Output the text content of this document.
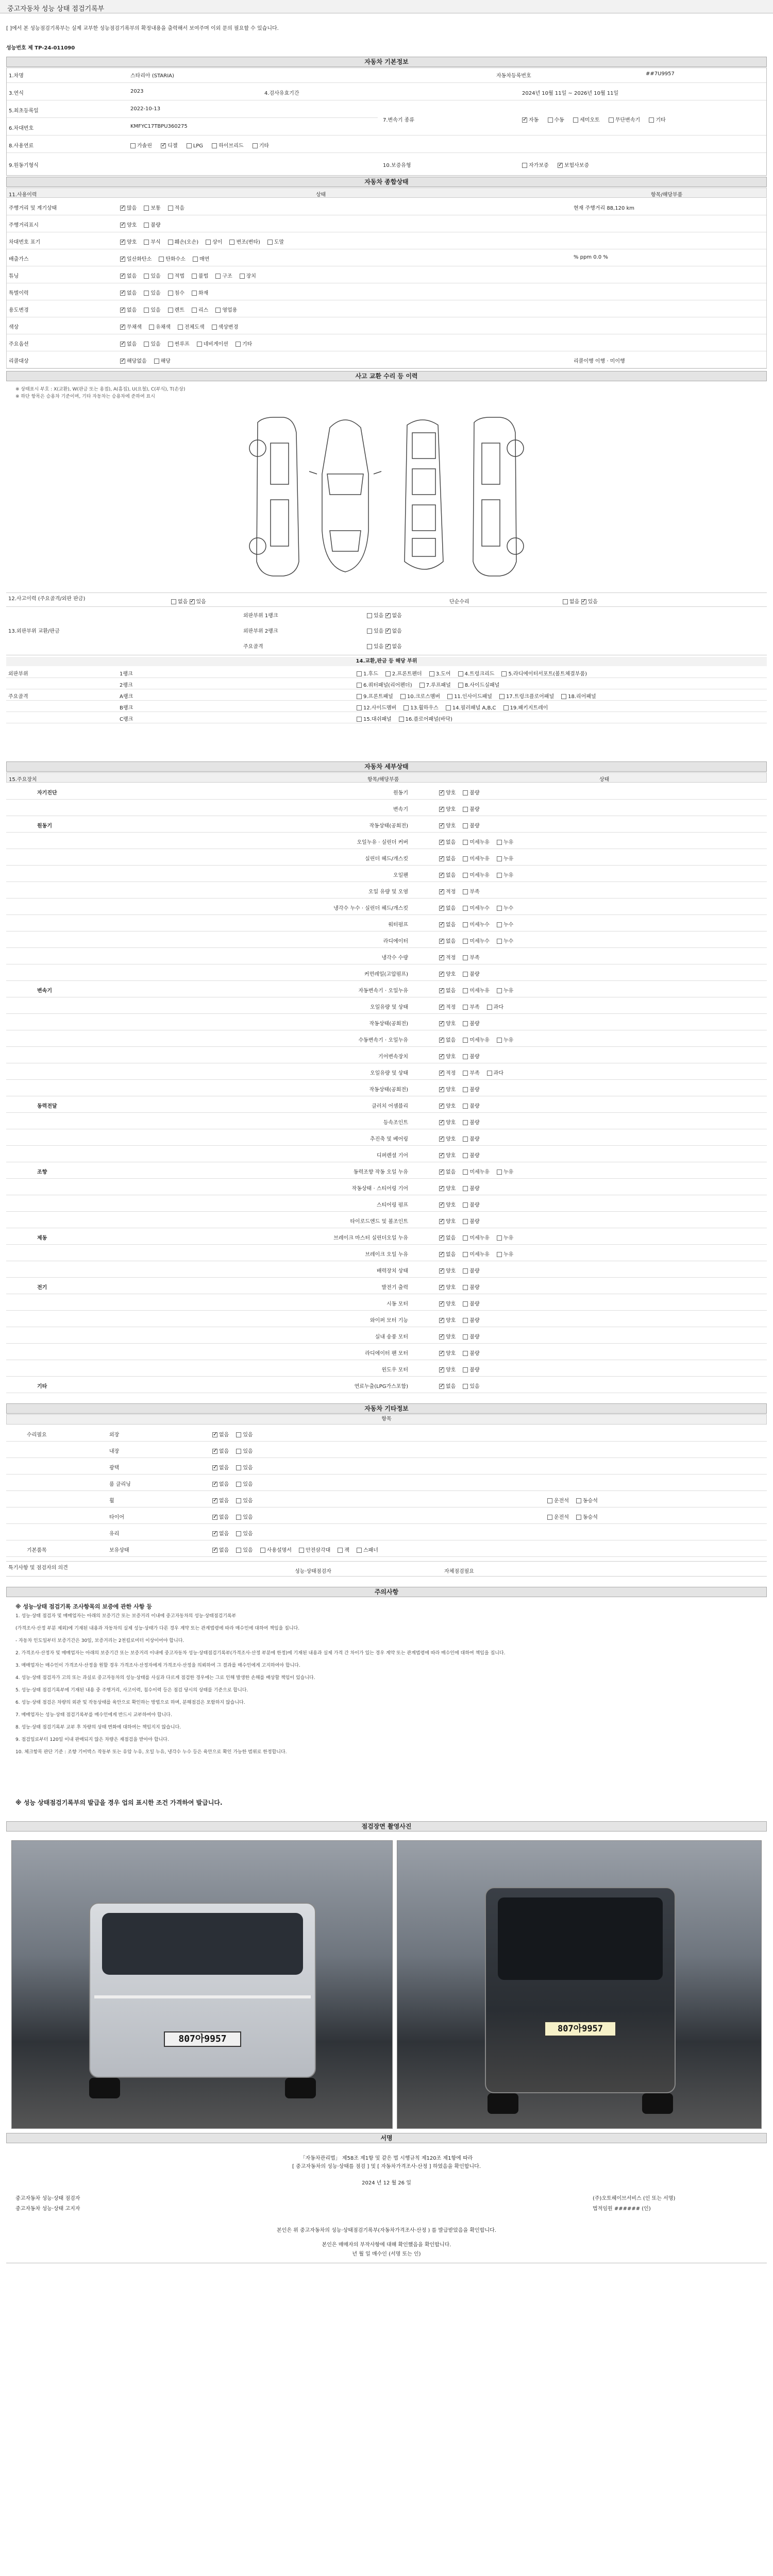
중고자동차 성능 상태 점검기록부
[ ]에서 본 성능점검기록부는 실제 교부한 성능점검기록부의 확정내용을 출력해서 보여주며 이외 문의 필요할 수 있습니다.
성능번호 제 TP-24-011090
자동차 기본정보
1.차명	스타리아 (STARIA)	자동차등록번호	##7U9957
3.연식	2023	4.검사유효기간	2024년 10월 11일 ~ 2026년 10월 11일
5.최초등록일	2022-10-13
7.변속기 종류 ✓	자동	수동	세미오토	무단변속기	기타
6.차대번호	KMFYC17TBPU360275
8.사용연료	가솔린 ✓	디젤	LPG	하이브리드	기타
9.원동기형식	10.보증유형	자가보증 ✓	보험사보증
자동차 종합상태
11.사용이력	상태	항목/해당부품
주행거리 및 계기상태 ✓	많음	보통	적음	현재 주행거리 88,120 km
주행거리표시 ✓	양호	불량
차대번호 표기 ✓	양호	부식	훼손(오손)	상이	변조(변타)	도말
배출가스 ✓	일산화탄소	탄화수소	매연	% ppm 0.0 %
튜닝 ✓	없음	있음	적법	불법	구조	장치
특별이력 ✓	없음	있음	침수	화재
용도변경 ✓	없음	있음	렌트	리스	영업용
색상 ✓	무채색	유채색	전체도색	색상변경
주요옵션 ✓	없음	있음	썬루프	네비게이션	기타
리콜대상 ✓	해당없음	해당	리콜이행 이행 · 미이행
사고 교환 수리 등 이력
※ 상태표시 부호 : X(교환), W(판금 또는 용접), A(흠집), U(요철), C(부식), T(손상)
※ 하단 항목은 승용차 기준이며, 기타 자동차는 승용차에 준하여 표시
12.사고이력 (주요골격/외판 판금)
없음 ✓있음	단순수리	없음 ✓있음
13.외판부위 교환/판금
외판부위 1랭크	있음 ✓없음
외판부위 2랭크	있음 ✓없음
주요골격	있음 ✓없음
14.교환,판금 등 해당 부위
외판부위	1랭크	1.후드	2.프론트펜더	3.도어	4.트렁크리드	5.라디에이터서포트(볼트체결부품)
2랭크	6.쿼터패널(리어펜더)	7.루프패널	8.사이드실패널
주요골격	A랭크	9.프론트패널	10.크로스멤버	11.인사이드패널	17.트렁크플로어패널	18.리어패널
B랭크	12.사이드멤버	13.휠하우스	14.필러패널 A,B,C	19.패키지트레이
C랭크	15.대쉬패널	16.플로어패널(바닥)
자동차 세부상태
15.주요장치	항목/해당부품	상태
자기진단	원동기 ✓	양호	불량
변속기 ✓	양호	불량
원동기	작동상태(공회전) ✓	양호	불량
오일누유 · 실린더 커버 ✓	없음	미세누유	누유
실린더 헤드/개스킷 ✓	없음	미세누유	누유
오일팬 ✓	없음	미세누유	누유
오일 유량 및 오염 ✓	적정	부족
냉각수 누수 · 실린더 헤드/개스킷 ✓	없음	미세누수	누수
워터펌프 ✓	없음	미세누수	누수
라디에이터 ✓	없음	미세누수	누수
냉각수 수량 ✓	적정	부족
커먼레일(고압펌프) ✓	양호	불량
변속기	자동변속기 · 오일누유 ✓	없음	미세누유	누유
오일유량 및 상태 ✓	적정	부족	과다
작동상태(공회전) ✓	양호	불량
수동변속기 · 오일누유 ✓	없음	미세누유	누유
기어변속장치 ✓	양호	불량
오일유량 및 상태 ✓	적정	부족	과다
작동상태(공회전) ✓	양호	불량
동력전달	클러치 어셈블리 ✓	양호	불량
등속조인트 ✓	양호	불량
추진축 및 베어링 ✓	양호	불량
디퍼렌셜 기어 ✓	양호	불량
조향	동력조향 작동 오일 누유 ✓	없음	미세누유	누유
작동상태 · 스티어링 기어 ✓	양호	불량
스티어링 펌프 ✓	양호	불량
타이로드엔드 및 볼조인트 ✓	양호	불량
제동	브레이크 마스터 실린더오일 누유 ✓	없음	미세누유	누유
브레이크 오일 누유 ✓	없음	미세누유	누유
배력장치 상태 ✓	양호	불량
전기	발전기 출력 ✓	양호	불량
시동 모터 ✓	양호	불량
와이퍼 모터 기능 ✓	양호	불량
실내 송풍 모터 ✓	양호	불량
라디에이터 팬 모터 ✓	양호	불량
윈도우 모터 ✓	양호	불량
기타	연료누출(LPG가스포함) ✓	없음	있음
자동차 기타정보
항목
수리필요	외장 ✓	없음	있음
내장 ✓	없음	있음
광택 ✓	없음	있음
룸 클리닝 ✓	없음	있음
휠 ✓	없음	있음	운전석	동승석
타이어 ✓	없음	있음	운전석	동승석
유리 ✓	없음	있음
기본품목	보유상태 ✓	없음	있음	사용설명서	안전삼각대	잭	스패너
특기사항 및 점검자의 의견
성능·상태점검자	자체점검필요
주의사항
※ 성능·상태 점검기록 조사항목의 보증에 관한 사항 등
1. 성능·상태 점검자 및 매매업자는 아래의 보증기간 또는 보증거리 이내에 중고자동차의 성능·상태점검기록부
(가격조사·산정 부분 제외)에 기재된 내용과 자동차의 실제 성능·상태가 다른 경우 계약 또는 관계법령에 따라 매수인에 대하여 책임을 집니다.
- 자동차 인도일부터 보증기간은 30일, 보증거리는 2천킬로미터 이상이어야 합니다.
2. 가격조사·산정자 및 매매업자는 아래의 보증기간 또는 보증거리 이내에 중고자동차 성능·상태점검기록부(가격조사·산정 부분에 한정)에 기재된 내용과 실제 가격 간 차이가 있는 경우 계약 또는 관계법령에 따라 매수인에 대하여 책임을 집니다.
3. 매매업자는 매수인이 가격조사·산정을 원할 경우 가격조사·산정자에게 가격조사·산정을 의뢰하여 그 결과를 매수인에게 고지하여야 합니다.
4. 성능·상태 점검자가 고의 또는 과실로 중고자동차의 성능·상태를 사실과 다르게 점검한 경우에는 그로 인해 발생한 손해를 배상할 책임이 있습니다.
5. 성능·상태 점검기록부에 기재된 내용 중 주행거리, 사고이력, 침수이력 등은 점검 당시의 상태를 기준으로 합니다.
6. 성능·상태 점검은 차량의 외관 및 작동상태를 육안으로 확인하는 방법으로 하며, 분해점검은 포함하지 않습니다.
7. 매매업자는 성능·상태 점검기록부를 매수인에게 반드시 교부하여야 합니다.
8. 성능·상태 점검기록부 교부 후 차량의 상태 변화에 대하여는 책임지지 않습니다.
9. 점검일로부터 120일 이내 판매되지 않은 차량은 재점검을 받아야 합니다.
10. 체크항목 판단 기준 : 조향 기어박스 작동부 또는 유압 누유, 오일 누유, 냉각수 누수 등은 육안으로 확인 가능한 범위로 한정합니다.
※ 성능 상태점검기록부의 발급을 경우 업의 표시한 조건 가격하여 발급니다.
점검장면 촬영사진
807아9957
807아9957
서명
「자동차관리법」 제58조 제1항 및 같은 법 시행규칙 제120조 제1항에 따라
[ 중고자동차의 성능·상태를 점검 ] 및 [ 자동차가격조사·산정 ] 하였음을 확인합니다.
2024 년 12 월 26 일
중고자동차 성능·상태 점검자	(주)오토헤이브서비스 (인 또는 서명)
중고자동차 성능·상태 고지자	법적임원 ###### (인)
본인은 위 중고자동차의 성능·상태점검기록부(자동차가격조사·산정 ) 를 발급받았음을 확인합니다.
본인은 매매자의 부작사항에 대해 확인했음을 확인합니다.
년 월 일 매수인 (서명 또는 인)
